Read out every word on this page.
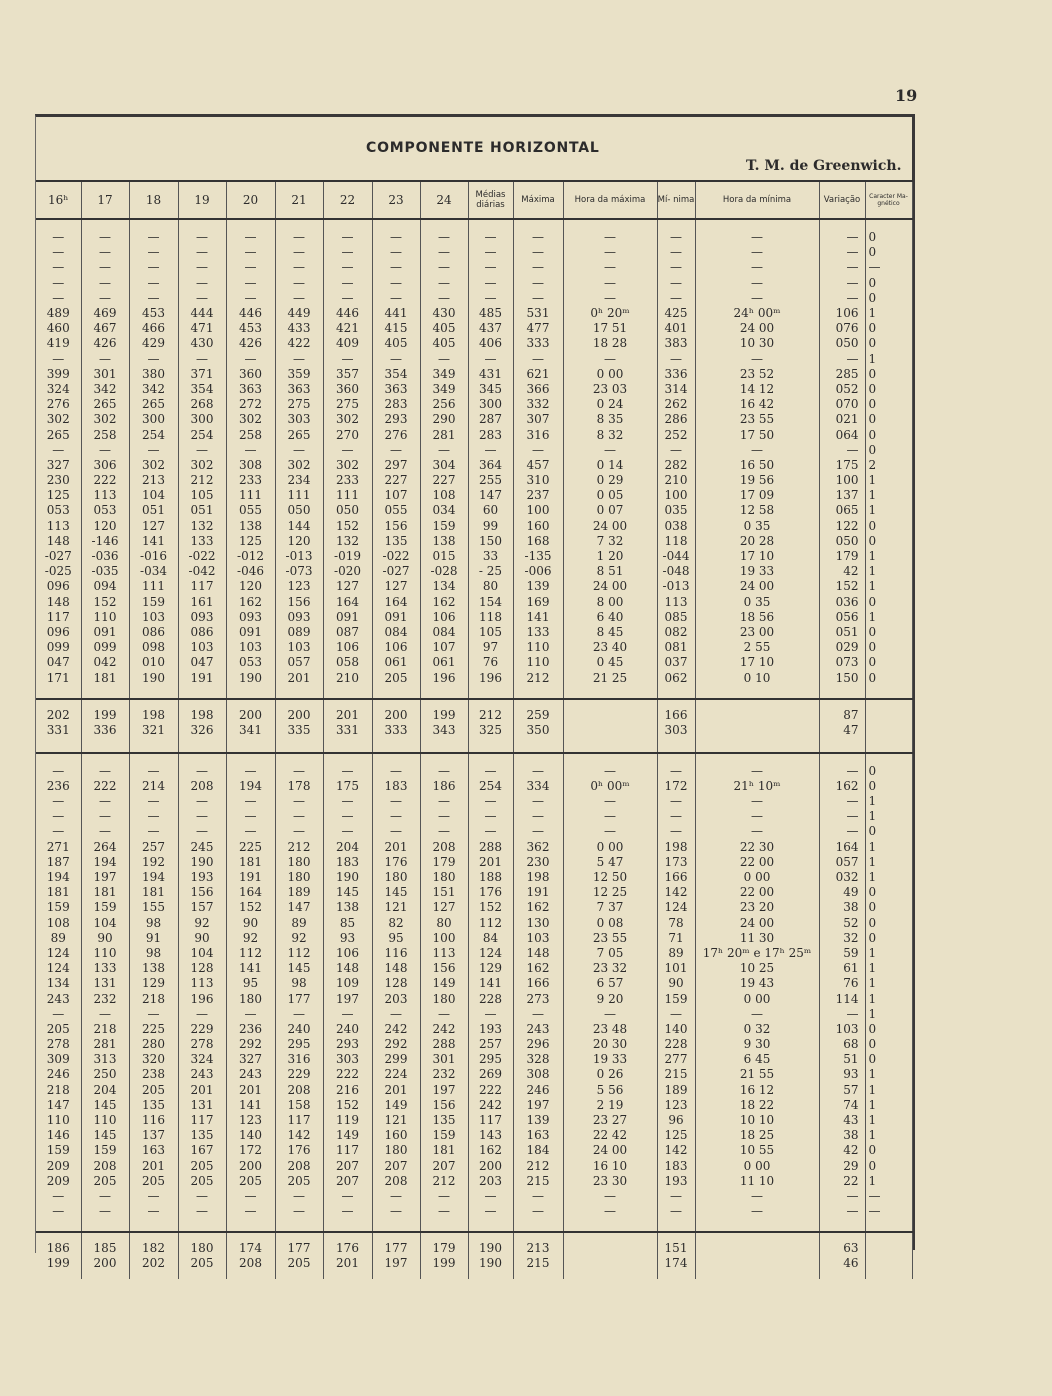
19
COMPONENTE HORIZONTAL
T. M. de Greenwich.
16ʰ	17	18	19	20	21	22	23	24	Médias diárias	Máxima	Hora da máxima	Mí- nima	Hora da mínima	Variação	Caracter Ma- gnético

—	—	—	—	—	—	—	—	—	—	—	—	—	—	—	0
—	—	—	—	—	—	—	—	—	—	—	—	—	—	—	0
—	—	—	—	—	—	—	—	—	—	—	—	—	—	—	—
—	—	—	—	—	—	—	—	—	—	—	—	—	—	—	0
—	—	—	—	—	—	—	—	—	—	—	—	—	—	—	0
489	469	453	444	446	449	446	441	430	485	531	0ʰ 20ᵐ	425	24ʰ 00ᵐ	106	1
460	467	466	471	453	433	421	415	405	437	477	17 51	401	24 00	076	0
419	426	429	430	426	422	409	405	405	406	333	18 28	383	10 30	050	0
—	—	—	—	—	—	—	—	—	—	—	—	—	—	—	1
399	301	380	371	360	359	357	354	349	431	621	0 00	336	23 52	285	0
324	342	342	354	363	363	360	363	349	345	366	23 03	314	14 12	052	0
276	265	265	268	272	275	275	283	256	300	332	0 24	262	16 42	070	0
302	302	300	300	302	303	302	293	290	287	307	8 35	286	23 55	021	0
265	258	254	254	258	265	270	276	281	283	316	8 32	252	17 50	064	0
—	—	—	—	—	—	—	—	—	—	—	—	—	—	—	0
327	306	302	302	308	302	302	297	304	364	457	0 14	282	16 50	175	2
230	222	213	212	233	234	233	227	227	255	310	0 29	210	19 56	100	1
125	113	104	105	111	111	111	107	108	147	237	0 05	100	17 09	137	1
053	053	051	051	055	050	050	055	034	60	100	0 07	035	12 58	065	1
113	120	127	132	138	144	152	156	159	99	160	24 00	038	0 35	122	0
148	-146	141	133	125	120	132	135	138	150	168	7 32	118	20 28	050	0
-027	-036	-016	-022	-012	-013	-019	-022	015	33	-135	1 20	-044	17 10	179	1
-025	-035	-034	-042	-046	-073	-020	-027	-028	- 25	-006	8 51	-048	19 33	42	1
096	094	111	117	120	123	127	127	134	80	139	24 00	-013	24 00	152	1
148	152	159	161	162	156	164	164	162	154	169	8 00	113	0 35	036	0
117	110	103	093	093	093	091	091	106	118	141	6 40	085	18 56	056	1
096	091	086	086	091	089	087	084	084	105	133	8 45	082	23 00	051	0
099	099	098	103	103	103	106	106	107	97	110	23 40	081	2 55	029	0
047	042	010	047	053	057	058	061	061	76	110	0 45	037	17 10	073	0
171	181	190	191	190	201	210	205	196	196	212	21 25	062	0 10	150	0

202	199	198	198	200	200	201	200	199	212	259		166		87	
331	336	321	326	341	335	331	333	343	325	350		303		47	

—	—	—	—	—	—	—	—	—	—	—	—	—	—	—	0
236	222	214	208	194	178	175	183	186	254	334	0ʰ 00ᵐ	172	21ʰ 10ᵐ	162	0
—	—	—	—	—	—	—	—	—	—	—	—	—	—	—	1
—	—	—	—	—	—	—	—	—	—	—	—	—	—	—	1
—	—	—	—	—	—	—	—	—	—	—	—	—	—	—	0
271	264	257	245	225	212	204	201	208	288	362	0 00	198	22 30	164	1
187	194	192	190	181	180	183	176	179	201	230	5 47	173	22 00	057	1
194	197	194	193	191	180	190	180	180	188	198	12 50	166	0 00	032	1
181	181	181	156	164	189	145	145	151	176	191	12 25	142	22 00	49	0
159	159	155	157	152	147	138	121	127	152	162	7 37	124	23 20	38	0
108	104	98	92	90	89	85	82	80	112	130	0 08	78	24 00	52	0
89	90	91	90	92	92	93	95	100	84	103	23 55	71	11 30	32	0
124	110	98	104	112	112	106	116	113	124	148	7 05	89	17ʰ 20ᵐ e 17ʰ 25ᵐ	59	1
124	133	138	128	141	145	148	148	156	129	162	23 32	101	10 25	61	1
134	131	129	113	95	98	109	128	149	141	166	6 57	90	19 43	76	1
243	232	218	196	180	177	197	203	180	228	273	9 20	159	0 00	114	1
—	—	—	—	—	—	—	—	—	—	—	—	—	—	—	1
205	218	225	229	236	240	240	242	242	193	243	23 48	140	0 32	103	0
278	281	280	278	292	295	293	292	288	257	296	20 30	228	9 30	68	0
309	313	320	324	327	316	303	299	301	295	328	19 33	277	6 45	51	0
246	250	238	243	243	229	222	224	232	269	308	0 26	215	21 55	93	1
218	204	205	201	201	208	216	201	197	222	246	5 56	189	16 12	57	1
147	145	135	131	141	158	152	149	156	242	197	2 19	123	18 22	74	1
110	110	116	117	123	117	119	121	135	117	139	23 27	96	10 10	43	1
146	145	137	135	140	142	149	160	159	143	163	22 42	125	18 25	38	1
159	159	163	167	172	176	117	180	181	162	184	24 00	142	10 55	42	0
209	208	201	205	200	208	207	207	207	200	212	16 10	183	0 00	29	0
209	205	205	205	205	205	207	208	212	203	215	23 30	193	11 10	22	1
—	—	—	—	—	—	—	—	—	—	—	—	—	—	—	—
—	—	—	—	—	—	—	—	—	—	—	—	—	—	—	—

186	185	182	180	174	177	176	177	179	190	213		151		63	
199	200	202	205	208	205	201	197	199	190	215		174		46	
